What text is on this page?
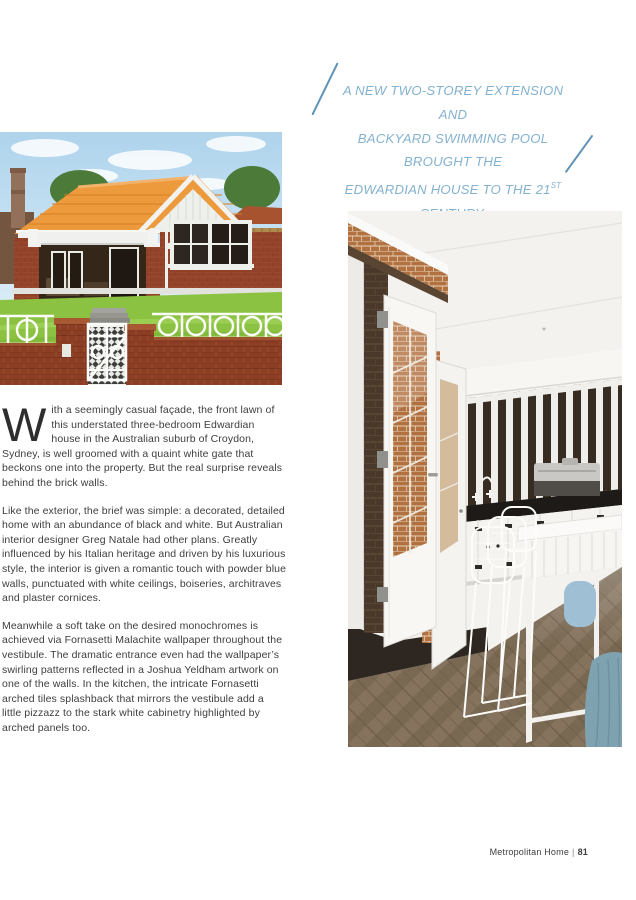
A NEW TWO-STOREY EXTENSION AND
BACKYARD SWIMMING POOL BROUGHT THE
EDWARDIAN HOUSE TO THE 21ST

With a seemingly casual façade, the front lawn of this understated three-bedroom Edwardian house in the Australian suburb of Croydon, Sydney, is well groomed with a quaint white gate that beckons one into the property. But the real surprise reveals behind the brick walls.

Like the exterior, the brief was simple: a decorated, detailed home with an abundance of black and white. But Australian interior designer Greg Natale had other plans. Greatly influenced by his Italian heritage and driven by his luxurious style, the interior is given a romantic touch with powder blue walls, punctuated with white ceilings, boiseries, architraves and plaster cornices.

Meanwhile a soft take on the desired monochromes is achieved via Fornasetti Malachite wallpaper throughout the vestibule. The dramatic entrance even had the wallpaper’s swirling patterns reflected in a Joshua Yeldham artwork on one of the walls. In the kitchen, the intricate Fornasetti arched tiles splashback that mirrors the vestibule add a little pizzazz to the stark white cabinetry highlighted by arched panels too.

Metropolitan Home | 81
